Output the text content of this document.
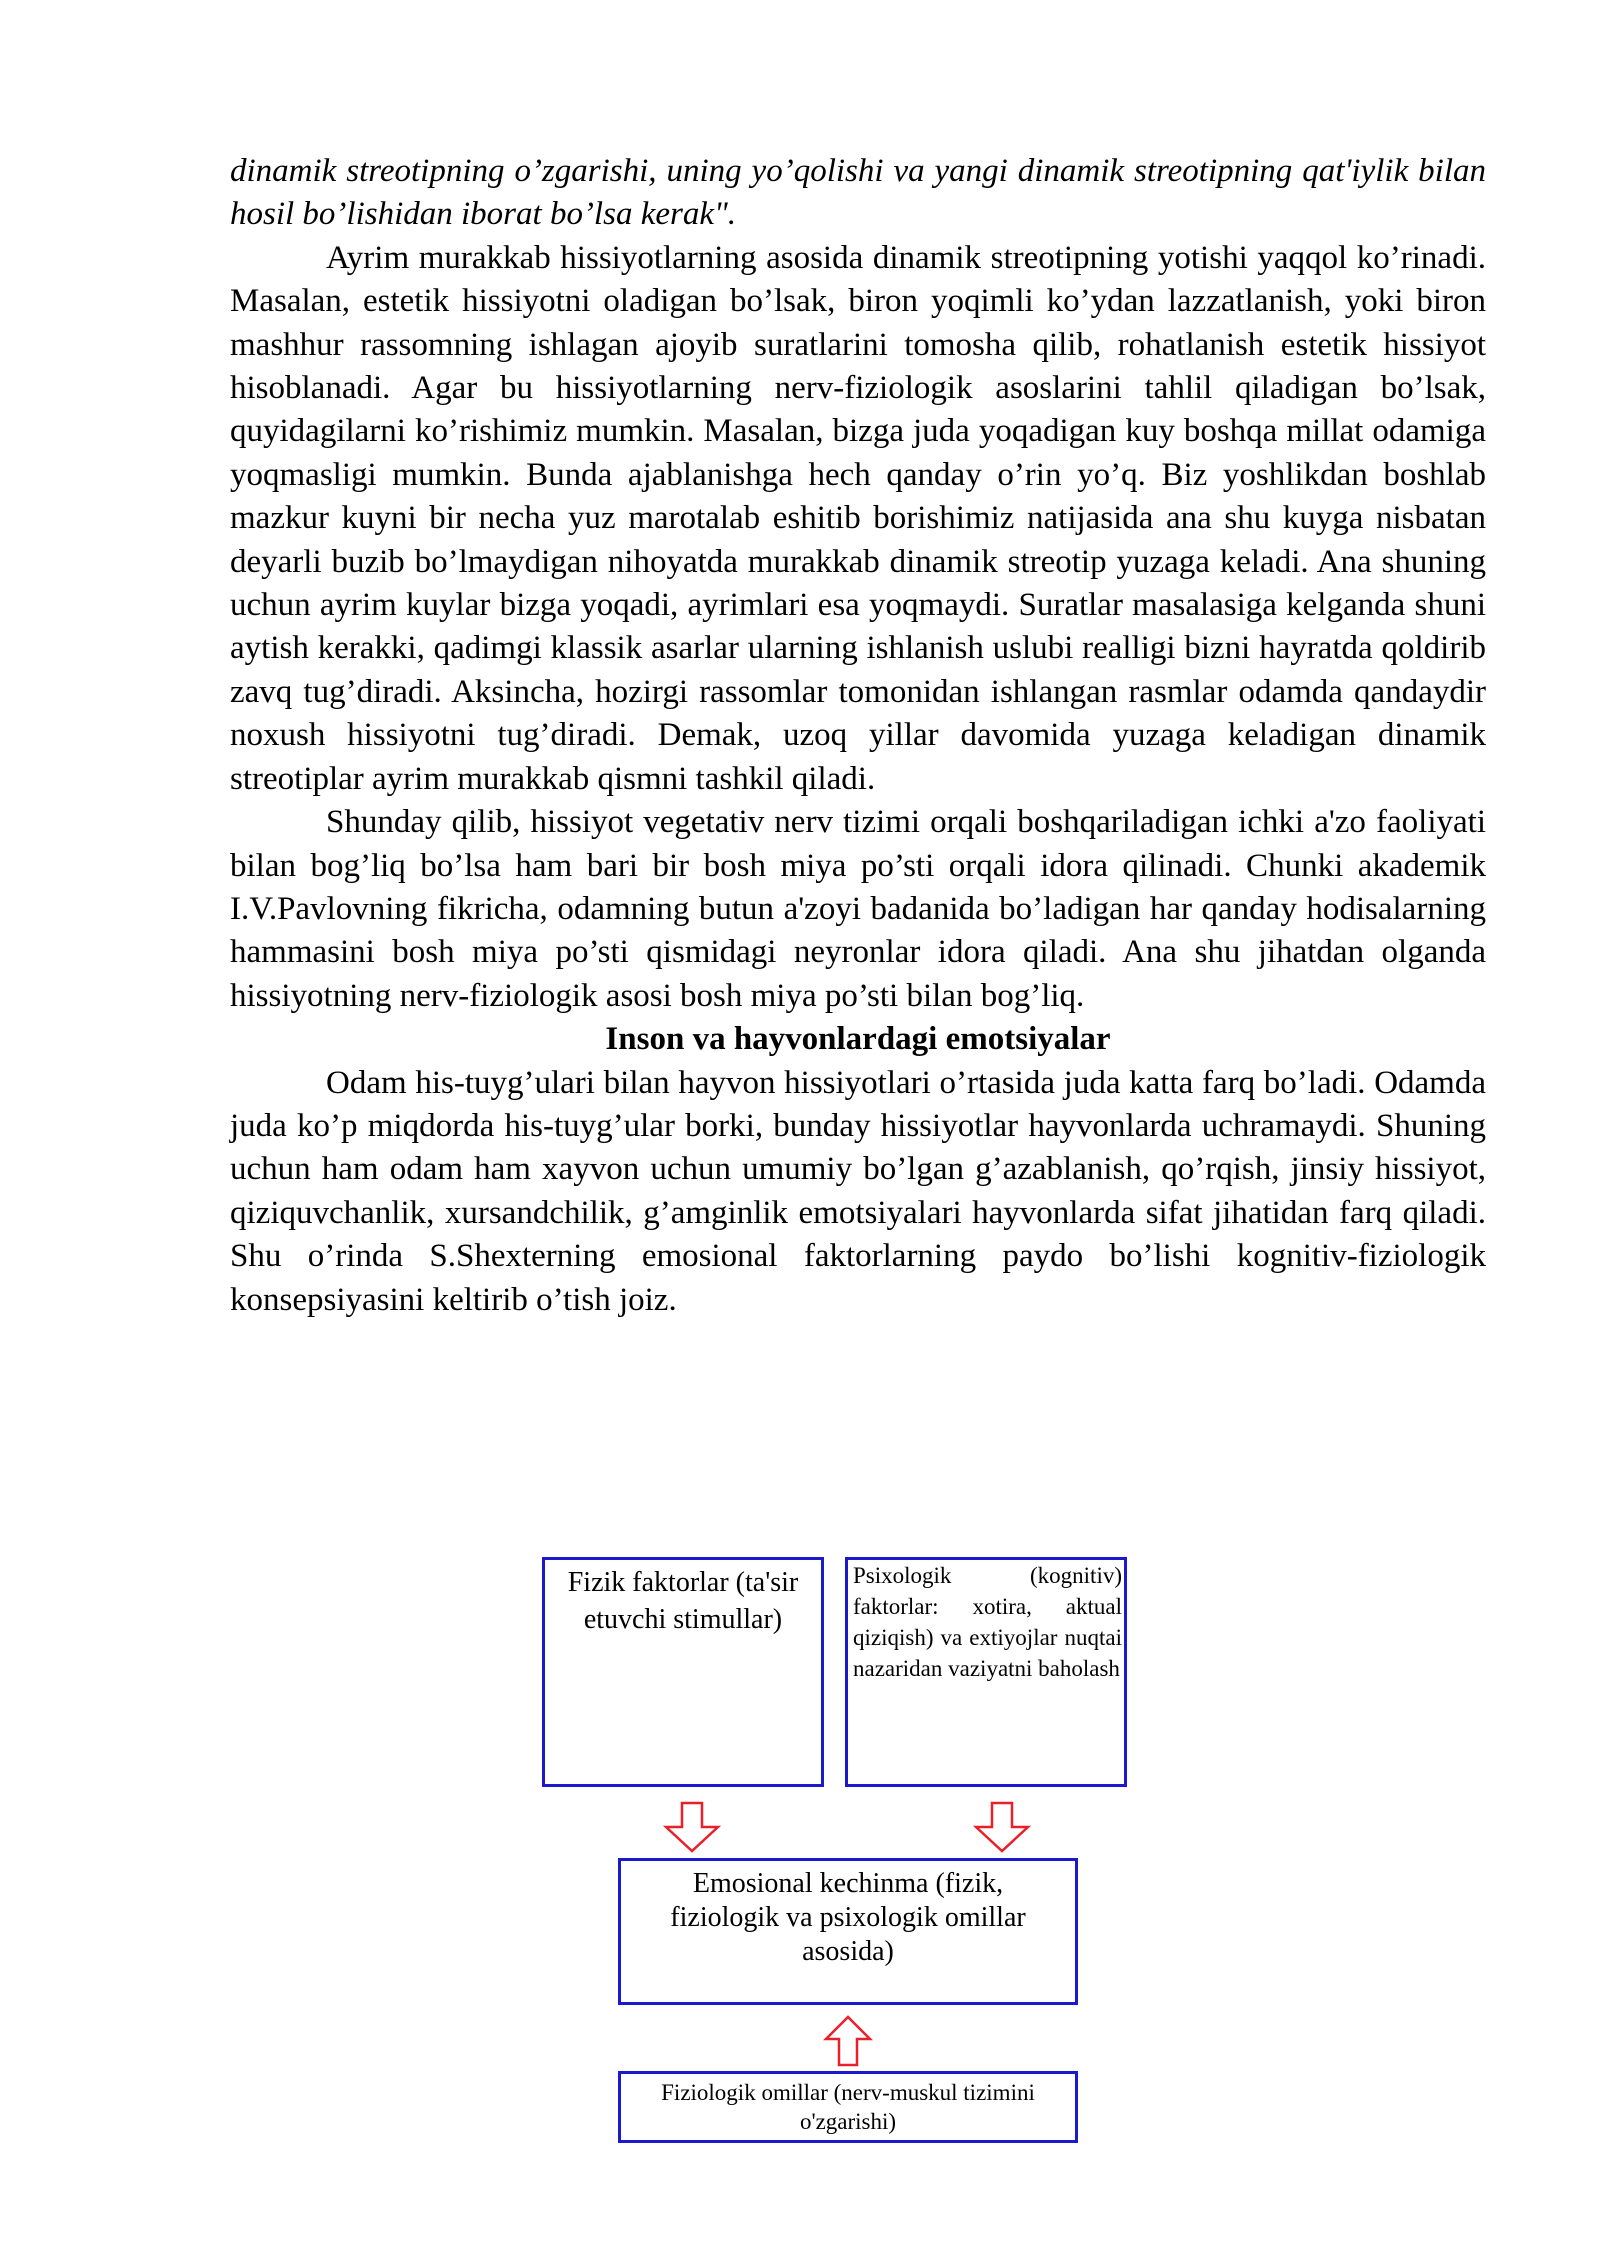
dinamik streotipning o’zgarishi, uning yo’qolishi va yangi dinamik streotipning qat'iylik bilan hosil bo’lishidan iborat bo’lsa kerak".

Ayrim murakkab hissiyotlarning asosida dinamik streotipning yotishi yaqqol ko’rinadi. Masalan, estetik hissiyotni oladigan bo’lsak, biron yoqimli ko’ydan lazzatlanish, yoki biron mashhur rassomning ishlagan ajoyib suratlarini tomosha qilib, rohatlanish estetik hissiyot hisoblanadi. Agar bu hissiyotlarning nerv-fiziologik asoslarini tahlil qiladigan bo’lsak, quyidagilarni ko’rishimiz mumkin. Masalan, bizga juda yoqadigan kuy boshqa millat odamiga yoqmasligi mumkin. Bunda ajablanishga hech qanday o’rin yo’q. Biz yoshlikdan boshlab mazkur kuyni bir necha yuz marotalab eshitib borishimiz natijasida ana shu kuyga nisbatan deyarli buzib bo’lmaydigan nihoyatda murakkab dinamik streotip yuzaga keladi. Ana shuning uchun ayrim kuylar bizga yoqadi, ayrimlari esa yoqmaydi. Suratlar masalasiga kelganda shuni aytish kerakki, qadimgi klassik asarlar ularning ishlanish uslubi realligi bizni hayratda qoldirib zavq tug’diradi. Aksincha, hozirgi rassomlar tomonidan ishlangan rasmlar odamda qandaydir noxush hissiyotni tug’diradi. Demak, uzoq yillar davomida yuzaga keladigan dinamik streotiplar ayrim murakkab qismni tashkil qiladi.

Shunday qilib, hissiyot vegetativ nerv tizimi orqali boshqariladigan ichki a'zo faoliyati bilan bog’liq bo’lsa ham bari bir bosh miya po’sti orqali idora qilinadi. Chunki akademik I.V.Pavlovning fikricha, odamning butun a'zoyi badanida bo’ladigan har qanday hodisalarning hammasini bosh miya po’sti qismidagi neyronlar idora qiladi. Ana shu jihatdan olganda hissiyotning nerv-fiziologik asosi bosh miya po’sti bilan bog’liq.

Inson va hayvonlardagi emotsiyalar

Odam his-tuyg’ulari bilan hayvon hissiyotlari o’rtasida juda katta farq bo’ladi. Odamda juda ko’p miqdorda his-tuyg’ular borki, bunday hissiyotlar hayvonlarda uchramaydi. Shuning uchun ham odam ham xayvon uchun umumiy bo’lgan g’azablanish, qo’rqish, jinsiy hissiyot, qiziquvchanlik, xursandchilik, g’amginlik emotsiyalari hayvonlarda sifat jihatidan farq qiladi. Shu o’rinda S.Shexterning emosional faktorlarning paydo bo’lishi kognitiv-fiziologik konsepsiyasini keltirib o’tish joiz.

Fizik faktorlar (ta'sir etuvchi stimullar)

Psixologik (kognitiv) faktorlar: xotira, aktual qiziqish) va extiyojlar nuqtai nazaridan vaziyatni baholash

Emosional kechinma (fizik, fiziologik va psixologik omillar asosida)

Fiziologik omillar (nerv-muskul tizimini o'zgarishi)
